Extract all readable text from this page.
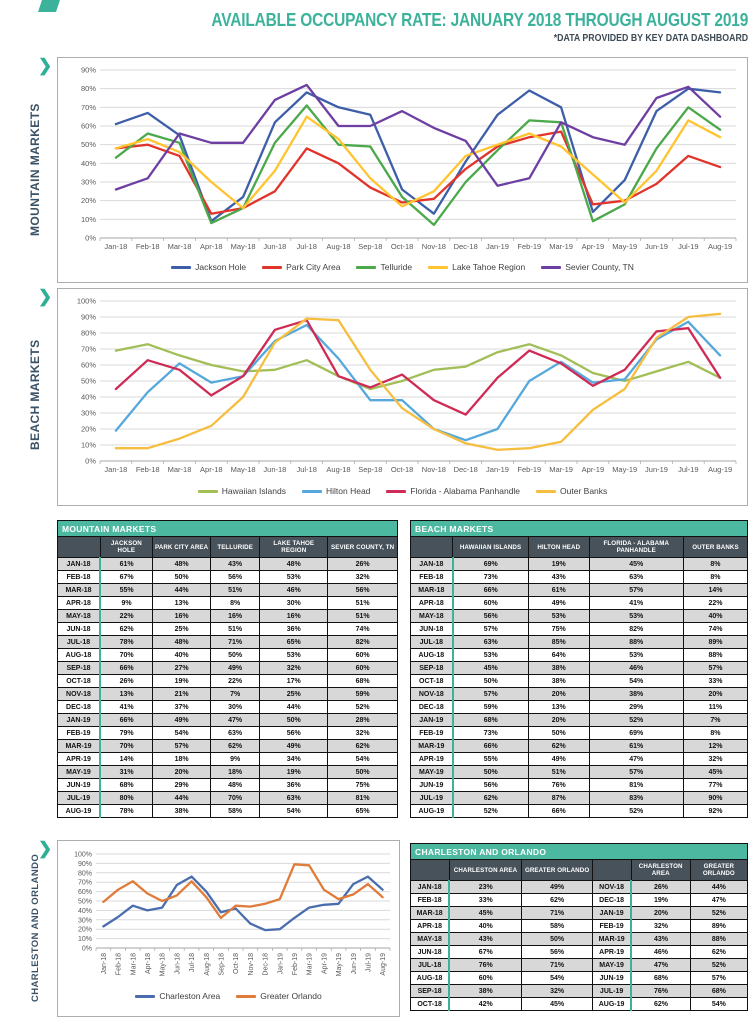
AVAILABLE OCCUPANCY RATE: JANUARY 2018 THROUGH AUGUST 2019
*DATA PROVIDED BY KEY DATA DASHBOARD
❯
MOUNTAIN MARKETS
0%
10%
20%
30%
40%
50%
60%
70%
80%
90%
Jan-18 Feb-18 Mar-18 Apr-18 May-18 Jun-18 Jul-18 Aug-18 Sep-18 Oct-18 Nov-18 Dec-18 Jan-19 Feb-19 Mar-19 Apr-19 May-19 Jun-19 Jul-19 Aug-19
Jackson Hole	Park City Area	Telluride	Lake Tahoe Region	Sevier County, TN
❯
BEACH MARKETS
0%
10%
20%
30%
40%
50%
60%
70%
80%
90%
100%
Jan-18 Feb-18 Mar-18 Apr-18 May-18 Jun-18 Jul-18 Aug-18 Sep-18 Oct-18 Nov-18 Dec-18 Jan-19 Feb-19 Mar-19 Apr-19 May-19 Jun-19 Jul-19 Aug-19
Hawaiian Islands	Hilton Head	Florida - Alabama Panhandle	Outer Banks
MOUNTAIN MARKETS
	JACKSON HOLE	PARK CITY AREA	TELLURIDE	LAKE TAHOE REGION	SEVIER COUNTY, TN
JAN-18	61%	48%	43%	48%	26%
FEB-18	67%	50%	56%	53%	32%
MAR-18	55%	44%	51%	46%	56%
APR-18	9%	13%	8%	30%	51%
MAY-18	22%	16%	16%	16%	51%
JUN-18	62%	25%	51%	36%	74%
JUL-18	78%	48%	71%	65%	82%
AUG-18	70%	40%	50%	53%	60%
SEP-18	66%	27%	49%	32%	60%
OCT-18	26%	19%	22%	17%	68%
NOV-18	13%	21%	7%	25%	59%
DEC-18	41%	37%	30%	44%	52%
JAN-19	66%	49%	47%	50%	28%
FEB-19	79%	54%	63%	56%	32%
MAR-19	70%	57%	62%	49%	62%
APR-19	14%	18%	9%	34%	54%
MAY-19	31%	20%	18%	19%	50%
JUN-19	68%	29%	48%	36%	75%
JUL-19	80%	44%	70%	63%	81%
AUG-19	78%	38%	58%	54%	65%
BEACH MARKETS
	HAWAIIAN ISLANDS	HILTON HEAD	FLORIDA - ALABAMA PANHANDLE	OUTER BANKS
JAN-18	69%	19%	45%	8%
FEB-18	73%	43%	63%	8%
MAR-18	66%	61%	57%	14%
APR-18	60%	49%	41%	22%
MAY-18	56%	53%	53%	40%
JUN-18	57%	75%	82%	74%
JUL-18	63%	85%	88%	89%
AUG-18	53%	64%	53%	88%
SEP-18	45%	38%	46%	57%
OCT-18	50%	38%	54%	33%
NOV-18	57%	20%	38%	20%
DEC-18	59%	13%	29%	11%
JAN-19	68%	20%	52%	7%
FEB-19	73%	50%	69%	8%
MAR-19	66%	62%	61%	12%
APR-19	55%	49%	47%	32%
MAY-19	50%	51%	57%	45%
JUN-19	56%	76%	81%	77%
JUL-19	62%	87%	83%	90%
AUG-19	52%	66%	52%	92%
❯
CHARLESTON AND ORLANDO	0%
10%
20%
30%
40%
50%
60%
70%
80%
90%
100%
Jan-18 Feb-18 Mar-18 Apr-18 May-18 Jun-18 Jul-18 Aug-18 Sep-18 Oct-18 Nov-18 Dec-18 Jan-19 Feb-19 Mar-19 Apr-19 May-19 Jun-19 Jul-19 Aug-19
Charleston Area	Greater Orlando
CHARLESTON AND ORLANDO
	CHARLESTON AREA	GREATER ORLANDO		CHARLESTON AREA	GREATER ORLANDO
JAN-18	23%	49%	NOV-18	26%	44%
FEB-18	33%	62%	DEC-18	19%	47%
MAR-18	45%	71%	JAN-19	20%	52%
APR-18	40%	58%	FEB-19	32%	89%
MAY-18	43%	50%	MAR-19	43%	88%
JUN-18	67%	56%	APR-19	46%	62%
JUL-18	76%	71%	MAY-19	47%	52%
AUG-18	60%	54%	JUN-19	68%	57%
SEP-18	38%	32%	JUL-19	76%	68%
OCT-18	42%	45%	AUG-19	62%	54%
